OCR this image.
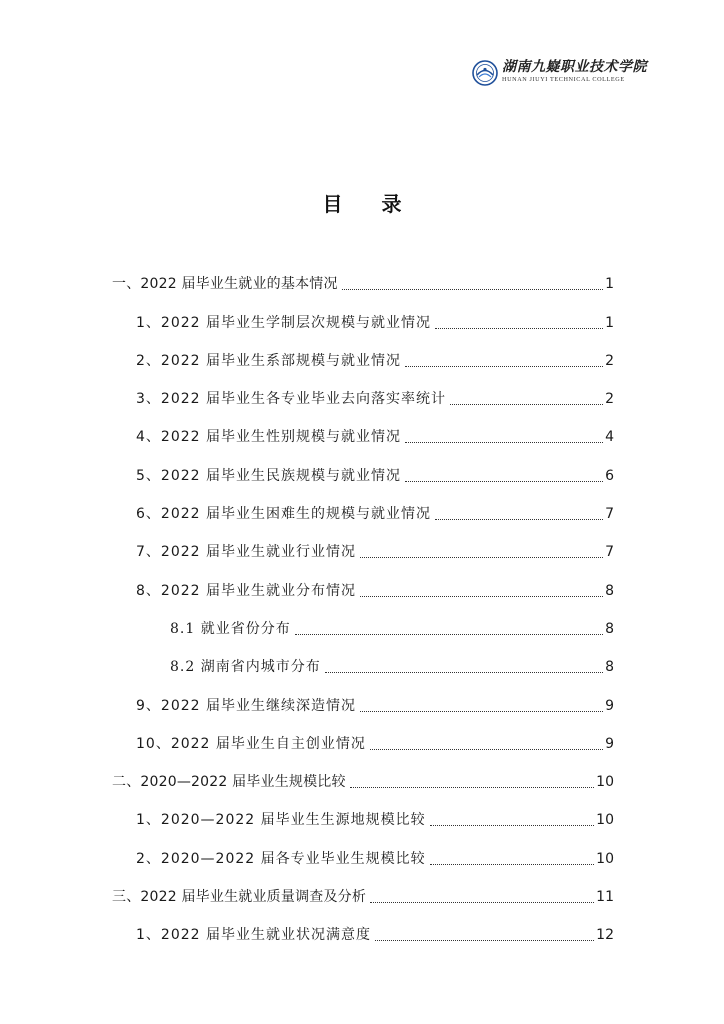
湖南九嶷职业技术学院
HUNAN JIUYI TECHNICAL COLLEGE
目 录
一、2022 届毕业生就业的基本情况	1
1、2022 届毕业生学制层次规模与就业情况	1
2、2022 届毕业生系部规模与就业情况	2
3、2022 届毕业生各专业毕业去向落实率统计	2
4、2022 届毕业生性别规模与就业情况	4
5、2022 届毕业生民族规模与就业情况	6
6、2022 届毕业生困难生的规模与就业情况	7
7、2022 届毕业生就业行业情况	7
8、2022 届毕业生就业分布情况	8
8.1 就业省份分布	8
8.2 湖南省内城市分布	8
9、2022 届毕业生继续深造情况	9
10、2022 届毕业生自主创业情况	9
二、2020—2022 届毕业生规模比较	10
1、2020—2022 届毕业生生源地规模比较	10
2、2020—2022 届各专业毕业生规模比较	10
三、2022 届毕业生就业质量调查及分析	11
1、2022 届毕业生就业状况满意度	12
